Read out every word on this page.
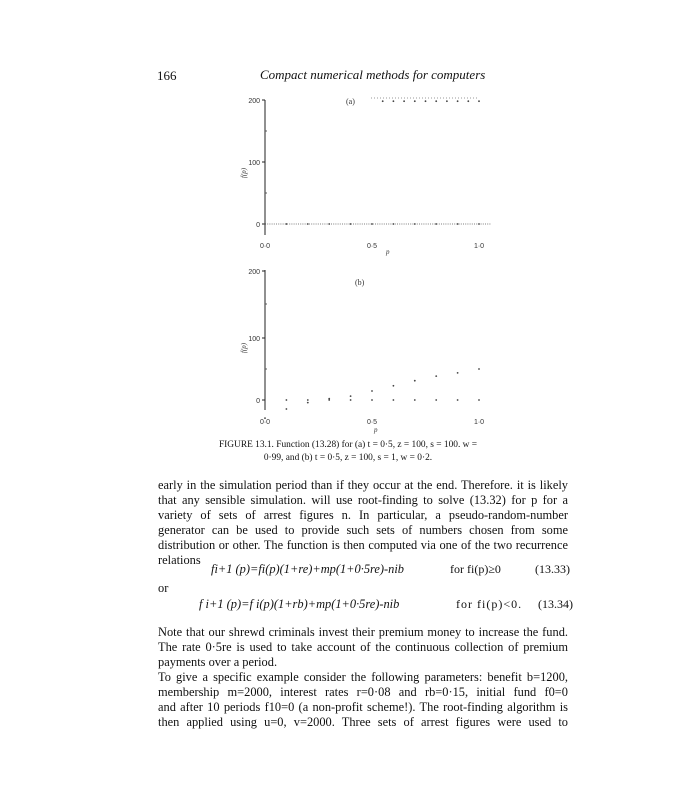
166	Compact numerical methods for computers
200
100
0
f(p)
(a)
0·0	0·5	1·0
p
200
100
0
f(p)
(b)
0·0	0·5	1·0
p
FIGURE 13.1. Function (13.28) for (a) t = 0·5, z = 100, s = 100. w =
0·99, and (b) t = 0·5, z = 100, s = 1, w = 0·2.
early in the simulation period than if they occur at the end. Therefore. it is likely
that any sensible simulation. will use root-finding to solve (13.32) for p for a
variety of sets of arrest figures n. In particular, a pseudo-random-number
generator can be used to provide such sets of numbers chosen from some
distribution or other. The function is then computed via one of the two recurrence
relations
fi+1 (p)=fi(p)(1+re)+mp(1+0·5re)-nib	for fi(p)≥0	(13.33)
or
f i+1 (p)=f i(p)(1+rb)+mp(1+0·5re)-nib	for fi(p)<0. (13.34)
Note that our shrewd criminals invest their premium money to increase the fund.
The rate 0·5re is used to take account of the continuous collection of premium
payments over a period.
To give a specific example consider the following parameters: benefit b=1200,
membership m=2000, interest rates r=0·08 and rb=0·15, initial fund f0=0
and after 10 periods f10=0 (a non-profit scheme!). The root-finding algorithm is
then applied using u=0, v=2000. Three sets of arrest figures were used to
